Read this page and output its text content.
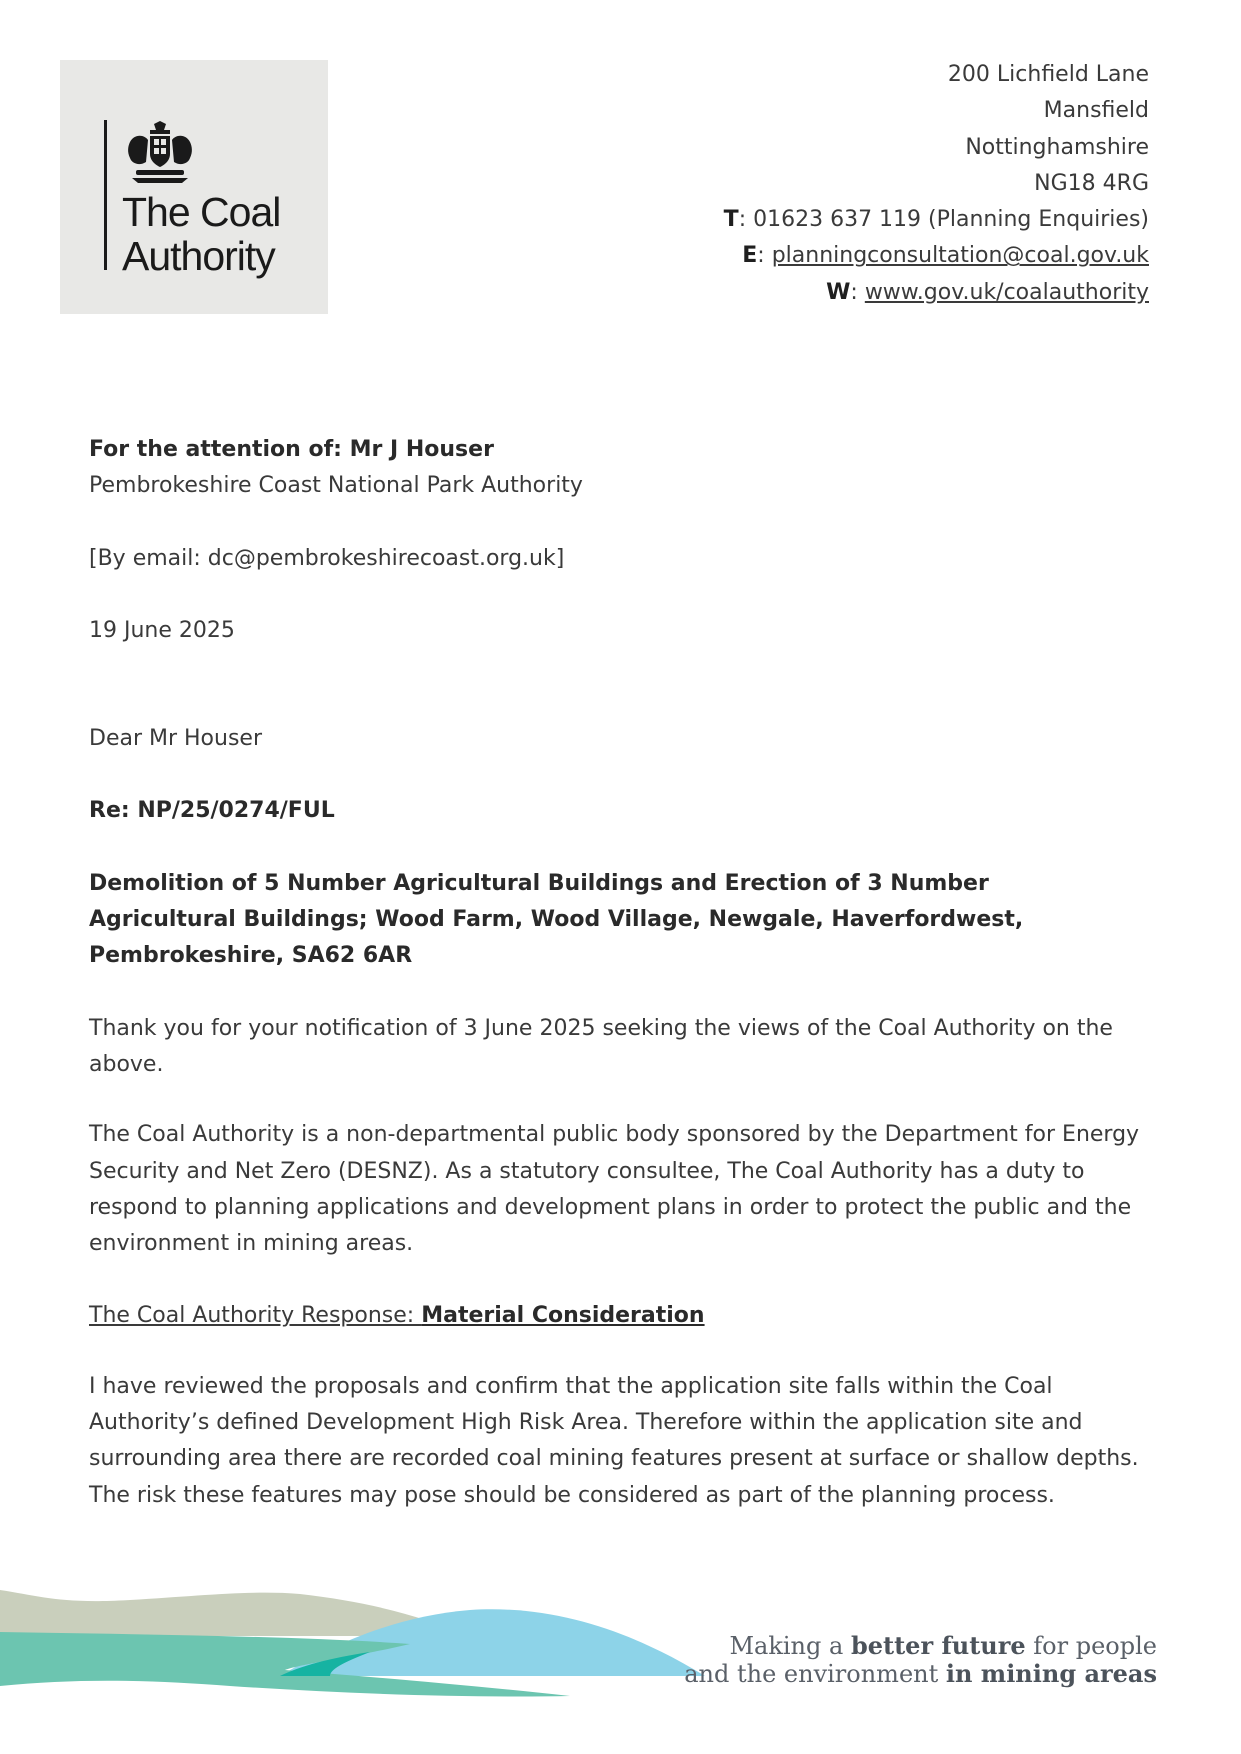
The Coal
Authority
200 Lichfield Lane
Mansfield
Nottinghamshire
NG18 4RG
T: 01623 637 119 (Planning Enquiries)
E: planningconsultation@coal.gov.uk
W: www.gov.uk/coalauthority

For the attention of: Mr J Houser

Pembrokeshire Coast National Park Authority

[By email: dc@pembrokeshirecoast.org.uk]

19 June 2025

Dear Mr Houser

Re: NP/25/0274/FUL

Demolition of 5 Number Agricultural Buildings and Erection of 3 Number Agricultural Buildings; Wood Farm, Wood Village, Newgale, Haverfordwest, Pembrokeshire, SA62 6AR

Thank you for your notification of 3 June 2025 seeking the views of the Coal Authority on the above.

The Coal Authority is a non-departmental public body sponsored by the Department for Energy Security and Net Zero (DESNZ). As a statutory consultee, The Coal Authority has a duty to respond to planning applications and development plans in order to protect the public and the environment in mining areas.

The Coal Authority Response: Material Consideration

I have reviewed the proposals and confirm that the application site falls within the Coal Authority’s defined Development High Risk Area. Therefore within the application site and surrounding area there are recorded coal mining features present at surface or shallow depths. The risk these features may pose should be considered as part of the planning process.

Making a better future for people
and the environment in mining areas
